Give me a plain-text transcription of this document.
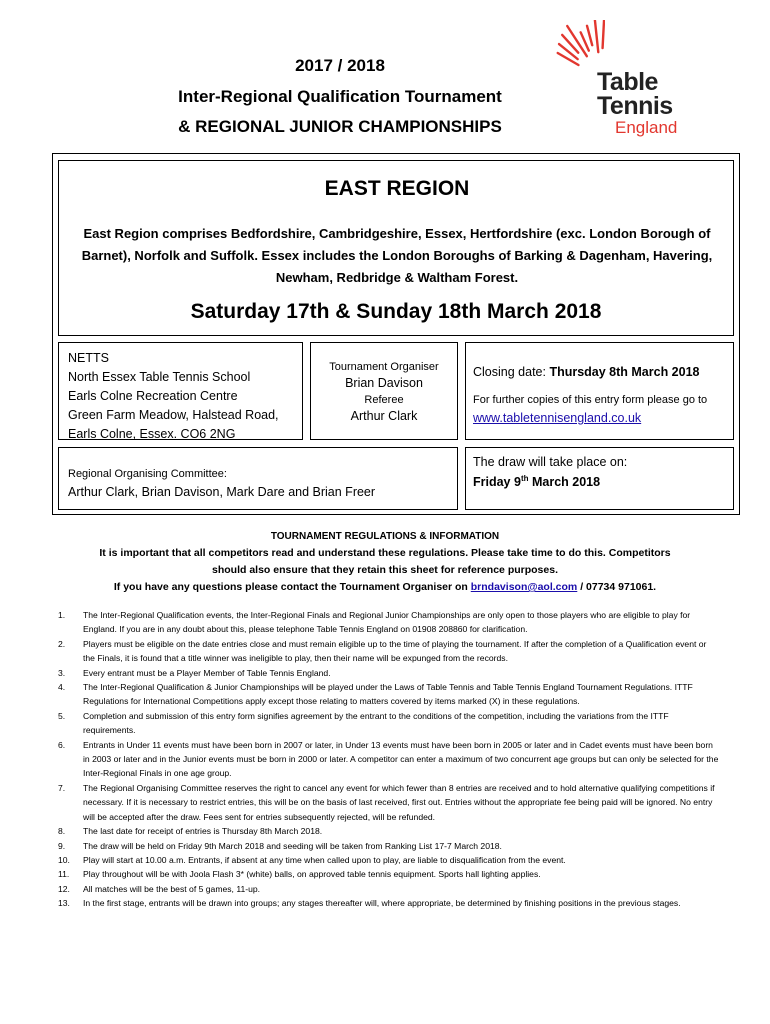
2017 / 2018
Inter-Regional Qualification Tournament
& REGIONAL JUNIOR CHAMPIONSHIPS
Table
Tennis
England
EAST REGION
East Region comprises Bedfordshire, Cambridgeshire, Essex, Hertfordshire (exc. London Borough of Barnet), Norfolk and Suffolk. Essex includes the London Boroughs of Barking & Dagenham, Havering, Newham, Redbridge & Waltham Forest.
Saturday 17th & Sunday 18th March 2018
NETTS
North Essex Table Tennis School
Earls Colne Recreation Centre
Green Farm Meadow, Halstead Road,
Earls Colne, Essex. CO6 2NG
Tournament Organiser
Brian Davison
Referee
Arthur Clark
Closing date: Thursday 8th March 2018
For further copies of this entry form please go to www.tabletennisengland.co.uk
Regional Organising Committee:
Arthur Clark, Brian Davison, Mark Dare and Brian Freer
The draw will take place on:
Friday 9th March 2018
TOURNAMENT REGULATIONS & INFORMATION
It is important that all competitors read and understand these regulations. Please take time to do this. Competitors
should also ensure that they retain this sheet for reference purposes.
If you have any questions please contact the Tournament Organiser on brndavison@aol.com / 07734 971061.
1. The Inter-Regional Qualification events, the Inter-Regional Finals and Regional Junior Championships are only open to those players who are eligible to play for England. If you are in any doubt about this, please telephone Table Tennis England on 01908 208860 for clarification.
2. Players must be eligible on the date entries close and must remain eligible up to the time of playing the tournament. If after the completion of a Qualification event or the Finals, it is found that a title winner was ineligible to play, then their name will be expunged from the records.
3. Every entrant must be a Player Member of Table Tennis England.
4. The Inter-Regional Qualification & Junior Championships will be played under the Laws of Table Tennis and Table Tennis England Tournament Regulations. ITTF Regulations for International Competitions apply except those relating to matters covered by items marked (X) in these regulations.
5. Completion and submission of this entry form signifies agreement by the entrant to the conditions of the competition, including the variations from the ITTF requirements.
6. Entrants in Under 11 events must have been born in 2007 or later, in Under 13 events must have been born in 2005 or later and in Cadet events must have been born in 2003 or later and in the Junior events must be born in 2000 or later. A competitor can enter a maximum of two concurrent age groups but can only be selected for the Inter-Regional Finals in one age group.
7. The Regional Organising Committee reserves the right to cancel any event for which fewer than 8 entries are received and to hold alternative qualifying competitions if necessary. If it is necessary to restrict entries, this will be on the basis of last received, first out. Entries without the appropriate fee being paid will be ignored. No entry will be accepted after the draw. Fees sent for entries subsequently rejected, will be refunded.
8. The last date for receipt of entries is Thursday 8th March 2018.
9. The draw will be held on Friday 9th March 2018 and seeding will be taken from Ranking List 17-7 March 2018.
10. Play will start at 10.00 a.m. Entrants, if absent at any time when called upon to play, are liable to disqualification from the event.
11. Play throughout will be with Joola Flash 3* (white) balls, on approved table tennis equipment. Sports hall lighting applies.
12. All matches will be the best of 5 games, 11-up.
13. In the first stage, entrants will be drawn into groups; any stages thereafter will, where appropriate, be determined by finishing positions in the previous stages.
